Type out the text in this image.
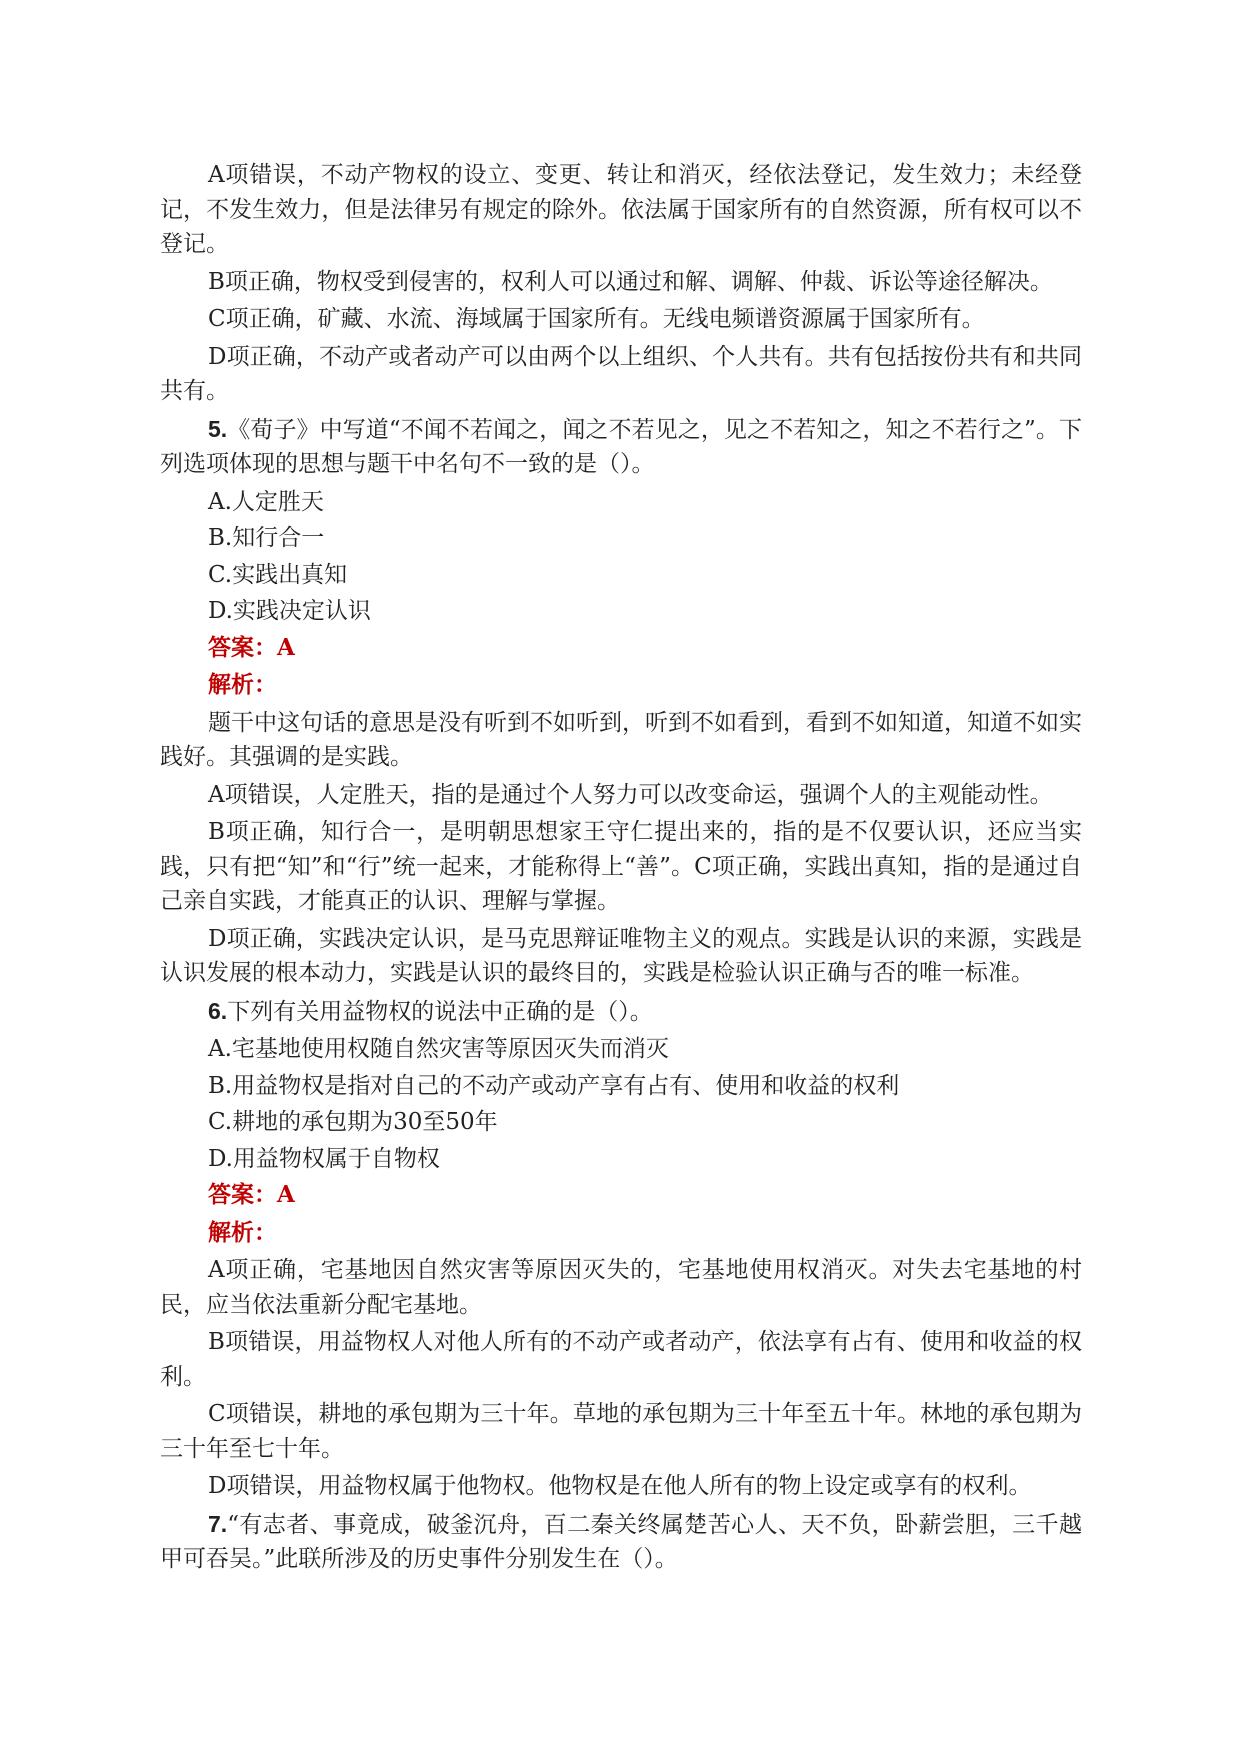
A项错误，不动产物权的设立、变更、转让和消灭，经依法登记，发生效力；未经登记，不发生效力，但是法律另有规定的除外。依法属于国家所有的自然资源，所有权可以不登记。

B项正确，物权受到侵害的，权利人可以通过和解、调解、仲裁、诉讼等途径解决。

C项正确，矿藏、水流、海域属于国家所有。无线电频谱资源属于国家所有。

D项正确，不动产或者动产可以由两个以上组织、个人共有。共有包括按份共有和共同共有。

5.《荀子》中写道“不闻不若闻之，闻之不若见之，见之不若知之，知之不若行之”。下列选项体现的思想与题干中名句不一致的是（）。

A.人定胜天

B.知行合一

C.实践出真知

D.实践决定认识

答案：A

解析：

题干中这句话的意思是没有听到不如听到，听到不如看到，看到不如知道，知道不如实践好。其强调的是实践。

A项错误，人定胜天，指的是通过个人努力可以改变命运，强调个人的主观能动性。

B项正确，知行合一，是明朝思想家王守仁提出来的，指的是不仅要认识，还应当实践，只有把“知”和“行”统一起来，才能称得上“善”。C项正确，实践出真知，指的是通过自己亲自实践，才能真正的认识、理解与掌握。

D项正确，实践决定认识，是马克思辩证唯物主义的观点。实践是认识的来源，实践是认识发展的根本动力，实践是认识的最终目的，实践是检验认识正确与否的唯一标准。

6.下列有关用益物权的说法中正确的是（）。

A.宅基地使用权随自然灾害等原因灭失而消灭

B.用益物权是指对自己的不动产或动产享有占有、使用和收益的权利

C.耕地的承包期为30至50年

D.用益物权属于自物权

答案：A

解析：

A项正确，宅基地因自然灾害等原因灭失的，宅基地使用权消灭。对失去宅基地的村民，应当依法重新分配宅基地。

B项错误，用益物权人对他人所有的不动产或者动产，依法享有占有、使用和收益的权利。

C项错误，耕地的承包期为三十年。草地的承包期为三十年至五十年。林地的承包期为三十年至七十年。

D项错误，用益物权属于他物权。他物权是在他人所有的物上设定或享有的权利。

7.“有志者、事竟成，破釜沉舟，百二秦关终属楚苦心人、天不负，卧薪尝胆，三千越甲可吞吴。”此联所涉及的历史事件分别发生在（）。
